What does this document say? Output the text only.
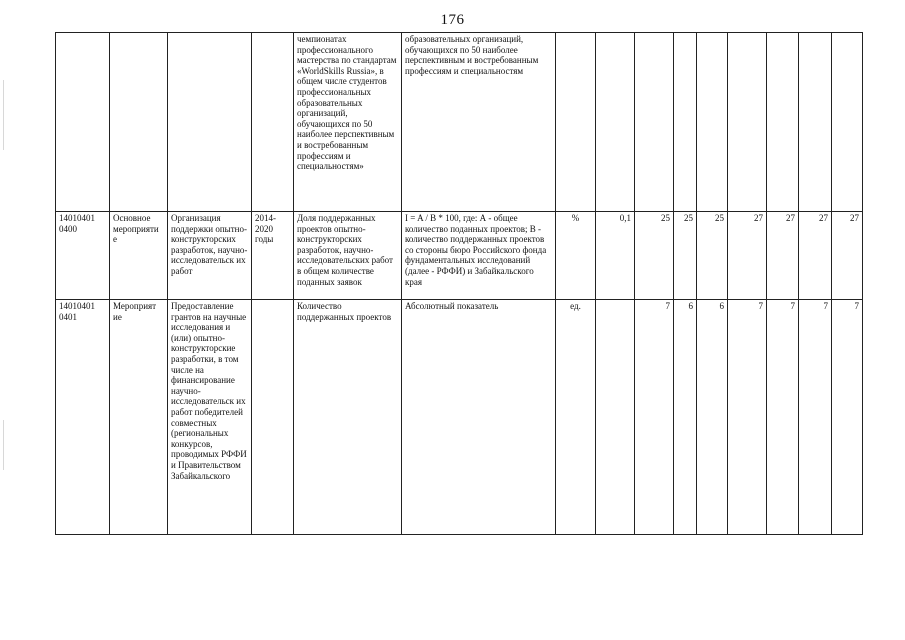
176
				чемпионатах профессионального мастерства по стандартам «WorldSkills Russia», в общем числе студентов профессиональных образовательных организаций, обучающихся по 50 наиболее перспективным и востребованным профессиям и специальностям»	образовательных организаций, обучающихся по 50 наиболее перспективным и востребованным профессиям и специальностям									
14010401 0400	Основное мероприяти е	Организация поддержки опытно-конструкторских разработок, научно-исследовательск их работ	2014-2020 годы	Доля поддержанных проектов опытно-конструкторских разработок, научно-исследовательских работ в общем количестве поданных заявок	I = A / B * 100, где: А - общее количество поданных проектов; В - количество поддержанных проектов со стороны бюро Российского фонда фундаментальных исследований (далее - РФФИ) и Забайкальского края	%	0,1	25	25	25	27	27	27	27
14010401 0401	Мероприят ие	Предоставление грантов на научные исследования и (или) опытно-конструкторские разработки, в том числе на финансирование научно-исследовательск их работ победителей совместных (региональных конкурсов, проводимых РФФИ и Правительством Забайкальского		Количество поддержанных проектов	Абсолютный показатель	ед.		7	6	6	7	7	7	7
